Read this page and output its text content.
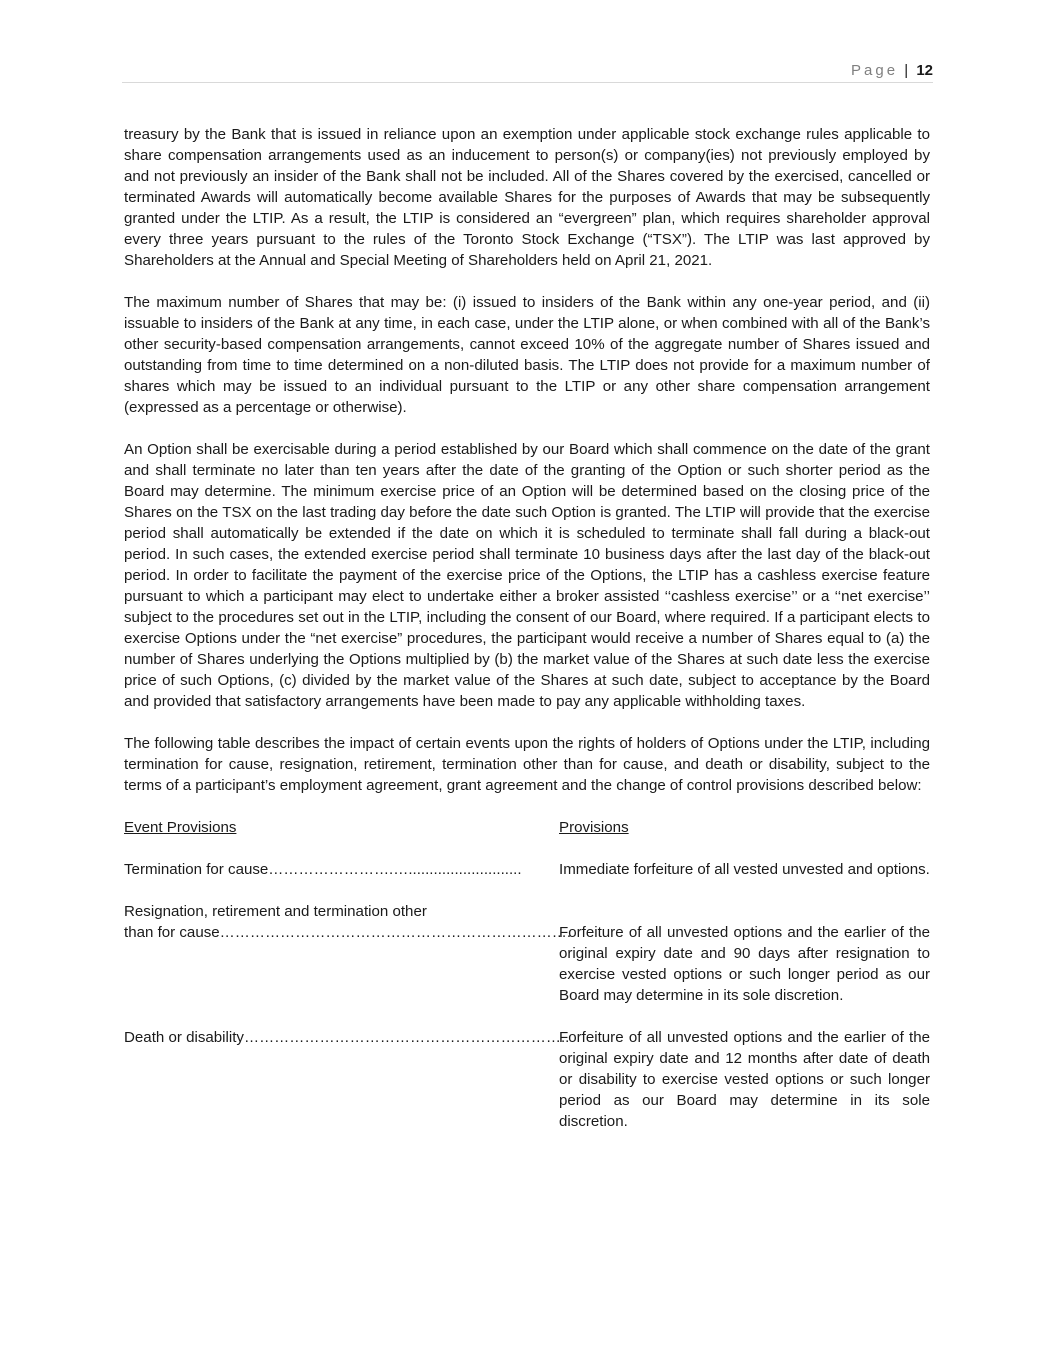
Page | 12

treasury by the Bank that is issued in reliance upon an exemption under applicable stock exchange rules applicable to share compensation arrangements used as an inducement to person(s) or company(ies) not previously employed by and not previously an insider of the Bank shall not be included. All of the Shares covered by the exercised, cancelled or terminated Awards will automatically become available Shares for the purposes of Awards that may be subsequently granted under the LTIP. As a result, the LTIP is considered an “evergreen” plan, which requires shareholder approval every three years pursuant to the rules of the Toronto Stock Exchange (“TSX”). The LTIP was last approved by Shareholders at the Annual and Special Meeting of Shareholders held on April 21, 2021.

The maximum number of Shares that may be: (i) issued to insiders of the Bank within any one-year period, and (ii) issuable to insiders of the Bank at any time, in each case, under the LTIP alone, or when combined with all of the Bank’s other security-based compensation arrangements, cannot exceed 10% of the aggregate number of Shares issued and outstanding from time to time determined on a non-diluted basis. The LTIP does not provide for a maximum number of shares which may be issued to an individual pursuant to the LTIP or any other share compensation arrangement (expressed as a percentage or otherwise).

An Option shall be exercisable during a period established by our Board which shall commence on the date of the grant and shall terminate no later than ten years after the date of the granting of the Option or such shorter period as the Board may determine. The minimum exercise price of an Option will be determined based on the closing price of the Shares on the TSX on the last trading day before the date such Option is granted. The LTIP will provide that the exercise period shall automatically be extended if the date on which it is scheduled to terminate shall fall during a black-out period. In such cases, the extended exercise period shall terminate 10 business days after the last day of the black-out period. In order to facilitate the payment of the exercise price of the Options, the LTIP has a cashless exercise feature pursuant to which a participant may elect to undertake either a broker assisted ‘‘cashless exercise’’ or a ‘‘net exercise’’ subject to the procedures set out in the LTIP, including the consent of our Board, where required. If a participant elects to exercise Options under the “net exercise” procedures, the participant would receive a number of Shares equal to (a) the number of Shares underlying the Options multiplied by (b) the market value of the Shares at such date less the exercise price of such Options, (c) divided by the market value of the Shares at such date, subject to acceptance by the Board and provided that satisfactory arrangements have been made to pay any applicable withholding taxes.

The following table describes the impact of certain events upon the rights of holders of Options under the LTIP, including termination for cause, resignation, retirement, termination other than for cause, and death or disability, subject to the terms of a participant’s employment agreement, grant agreement and the change of control provisions described below:

Event Provisions	Provisions
Termination for cause …………………….…........................... Immediate forfeiture of all vested unvested and options.
Resignation, retirement and termination other
than for cause …………………………………………………………….
Forfeiture of all unvested options and the earlier of the original expiry date and 90 days after resignation to exercise vested options or such longer period as our Board may determine in its sole discretion.
Death or disability ………………………………………………………..
Forfeiture of all unvested options and the earlier of the original expiry date and 12 months after date of death or disability to exercise vested options or such longer period as our Board may determine in its sole discretion.
